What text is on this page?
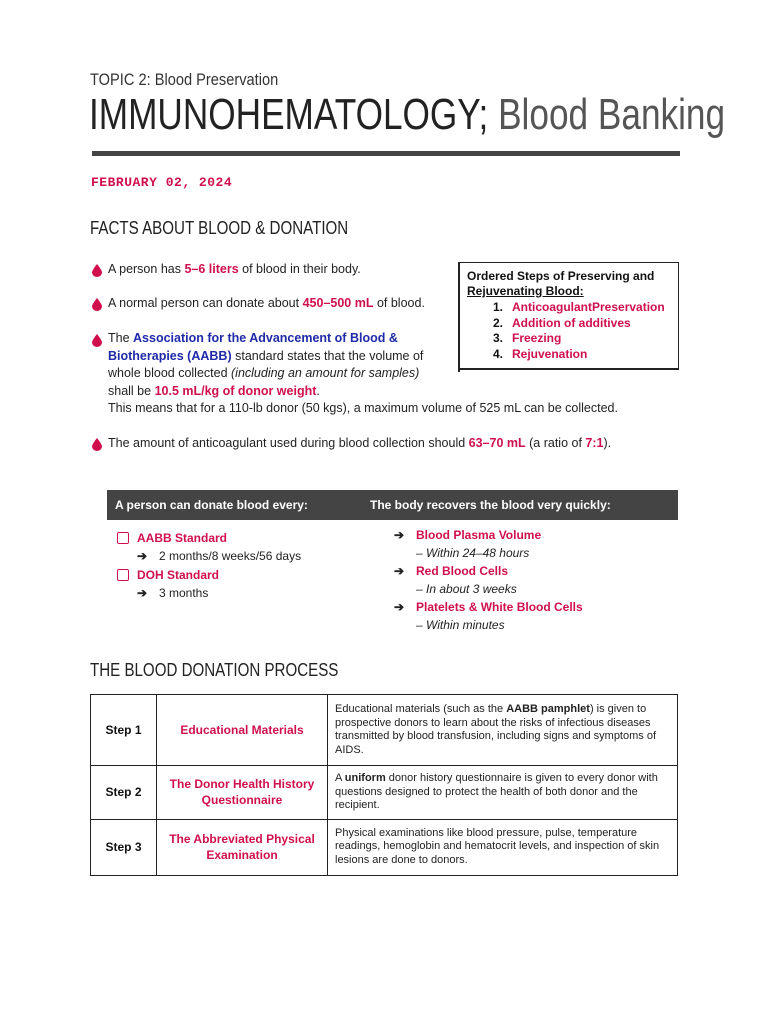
TOPIC 2: Blood Preservation
IMMUNOHEMATOLOGY; Blood Banking
FEBRUARY 02, 2024
FACTS ABOUT BLOOD & DONATION
A person has 5–6 liters of blood in their body.
A normal person can donate about 450–500 mL of blood.
The Association for the Advancement of Blood & Biotherapies (AABB) standard states that the volume of whole blood collected (including an amount for samples) shall be 10.5 mL/kg of donor weight.
This means that for a 110-lb donor (50 kgs), a maximum volume of 525 mL can be collected.
The amount of anticoagulant used during blood collection should 63–70 mL (a ratio of 7:1).
Ordered Steps of Preserving and
Rejuvenating Blood:
1. AnticoagulantPreservation
2. Addition of additives
3. Freezing
4. Rejuvenation
A person can donate blood every:	The body recovers the blood very quickly:
AABB Standard
➔ 2 months/8 weeks/56 days
DOH Standard
➔ 3 months
➔ Blood Plasma Volume
– Within 24–48 hours
➔ Red Blood Cells
– In about 3 weeks
➔ Platelets & White Blood Cells
– Within minutes
THE BLOOD DONATION PROCESS
Step 1	Educational Materials	Educational materials (such as the AABB pamphlet) is given to prospective donors to learn about the risks of infectious diseases transmitted by blood transfusion, including signs and symptoms of AIDS.
Step 2	The Donor Health History Questionnaire	A uniform donor history questionnaire is given to every donor with questions designed to protect the health of both donor and the recipient.
Step 3	The Abbreviated Physical Examination	Physical examinations like blood pressure, pulse, temperature readings, hemoglobin and hematocrit levels, and inspection of skin lesions are done to donors.
